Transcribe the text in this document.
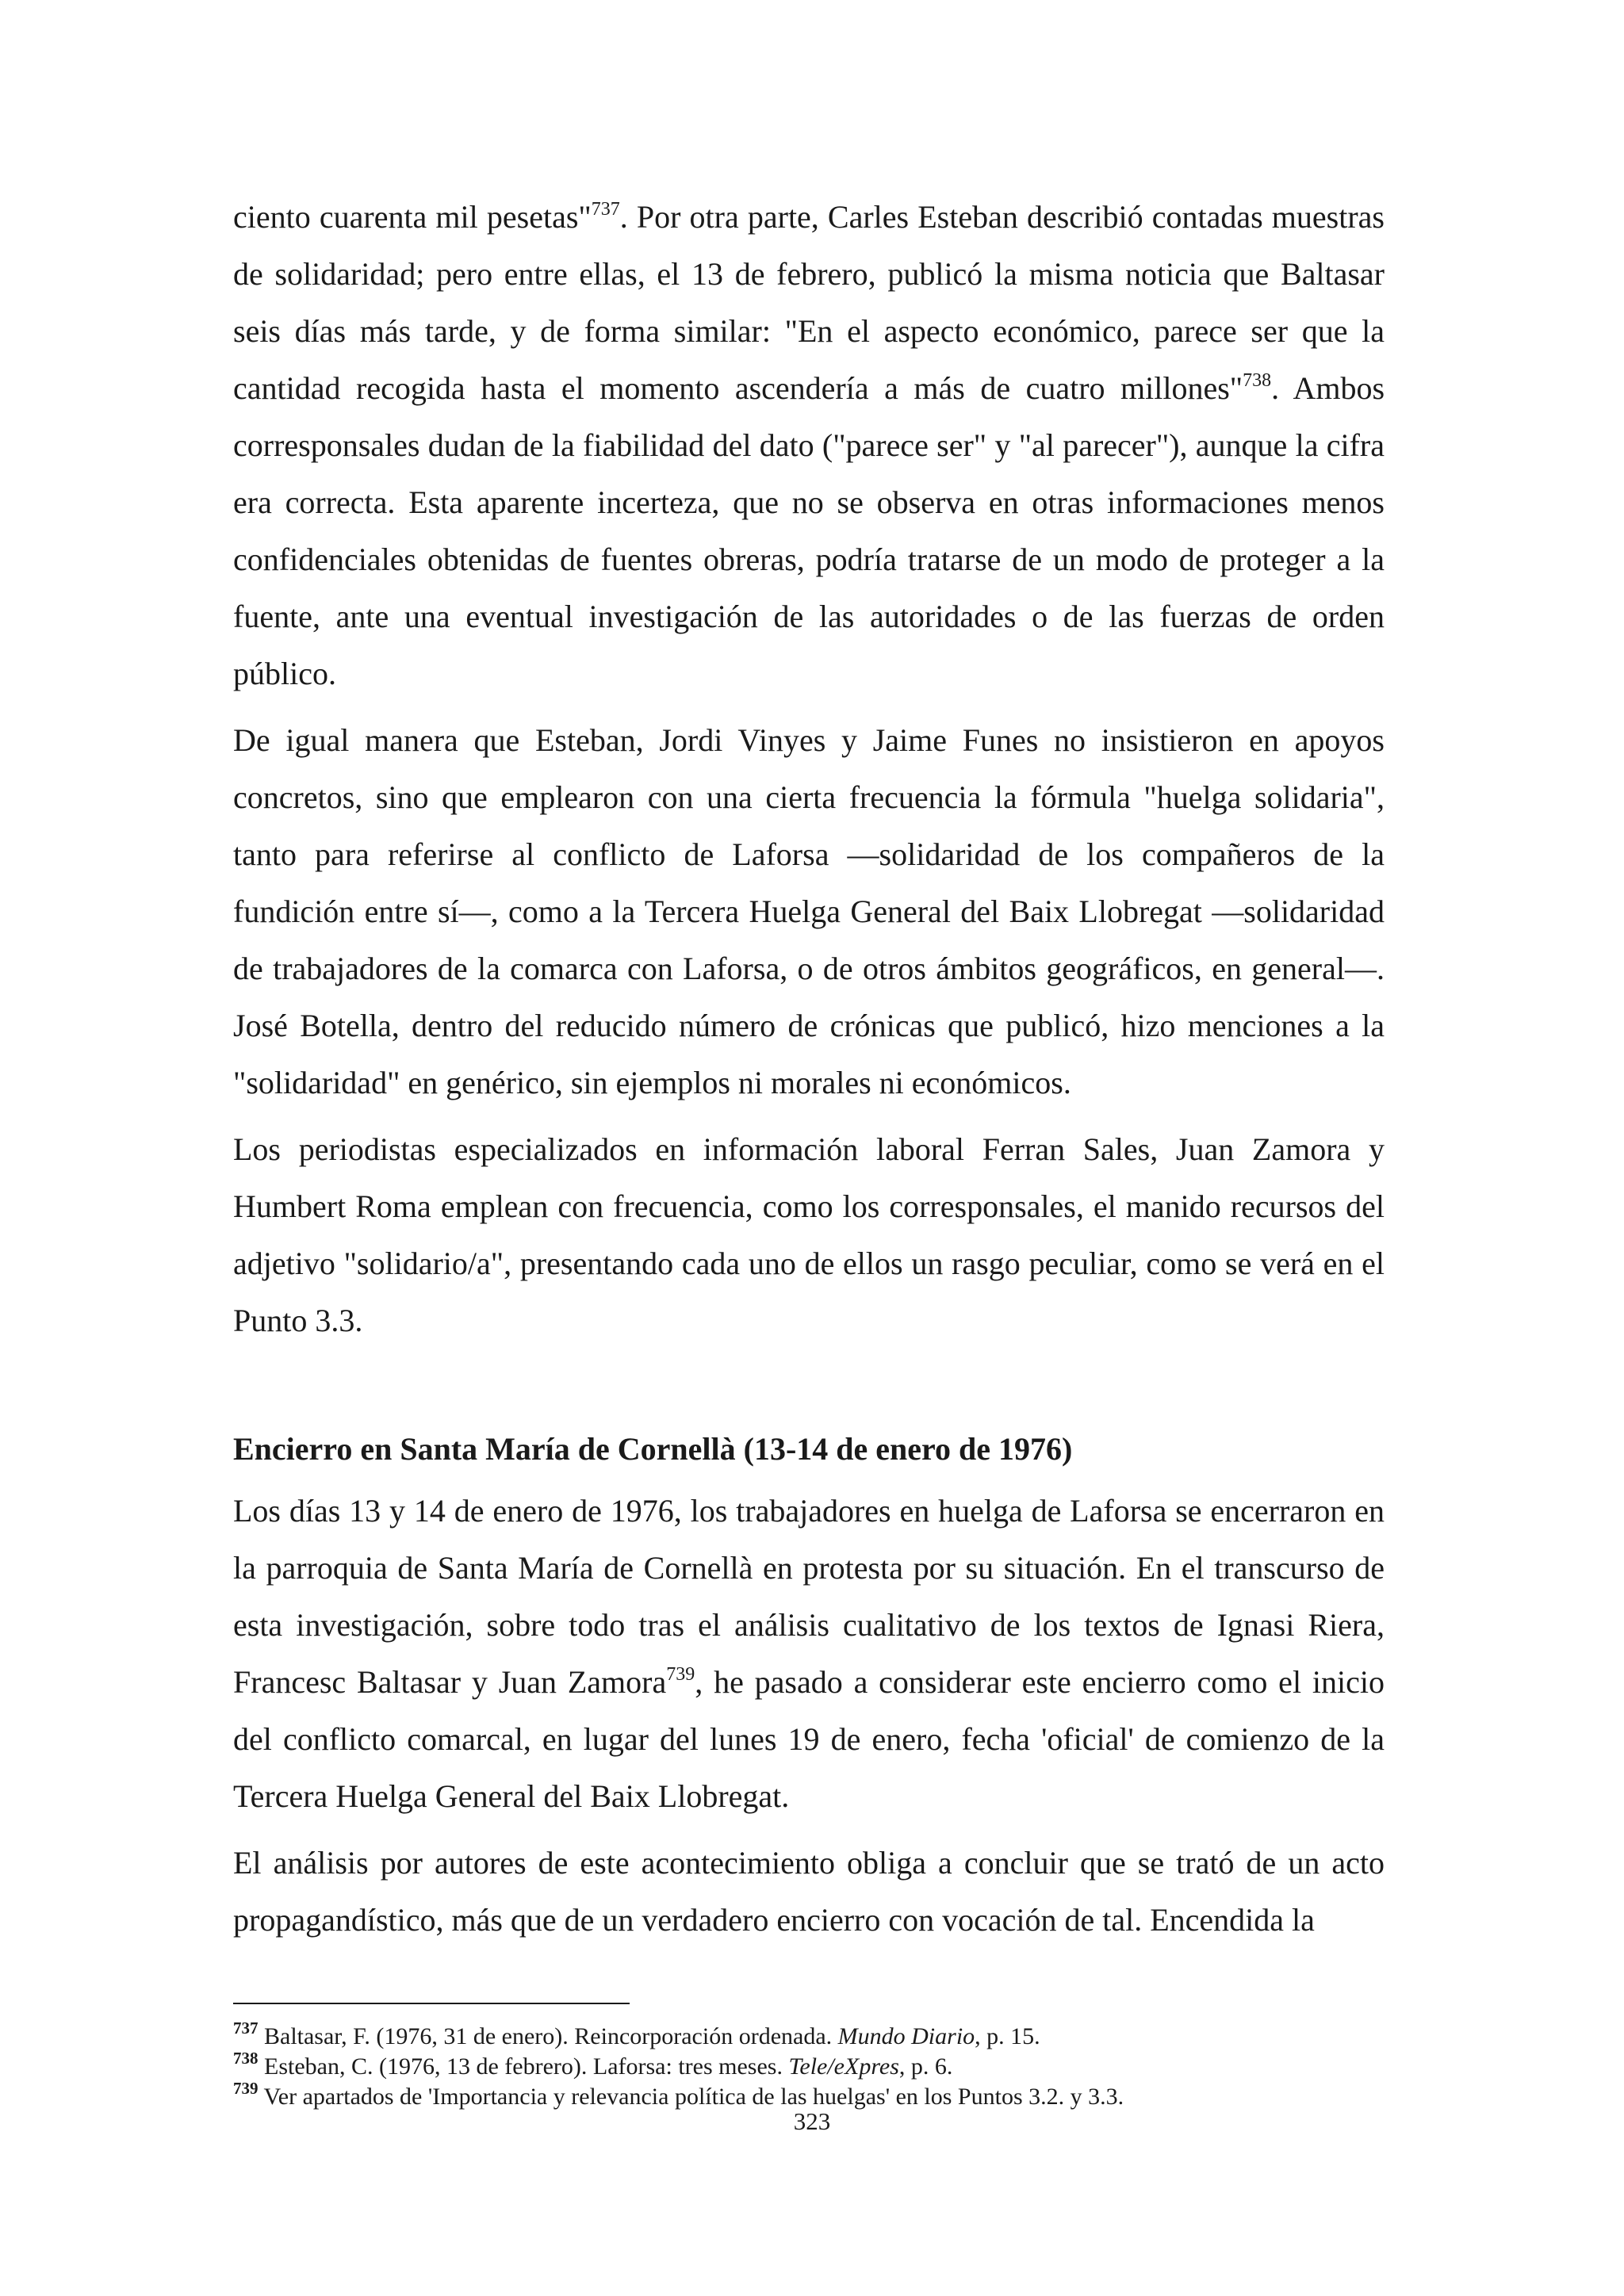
ciento cuarenta mil pesetas"$^{737}$. Por otra parte, Carles Esteban describió contadas muestras de solidaridad; pero entre ellas, el 13 de febrero, publicó la misma noticia que Baltasar seis días más tarde, y de forma similar: "En el aspecto económico, parece ser que la cantidad recogida hasta el momento ascendería a más de cuatro millones"$^{738}$. Ambos corresponsales dudan de la fiabilidad del dato ("parece ser" y "al parecer"), aunque la cifra era correcta. Esta aparente incerteza, que no se observa en otras informaciones menos confidenciales obtenidas de fuentes obreras, podría tratarse de un modo de proteger a la fuente, ante una eventual investigación de las autoridades o de las fuerzas de orden público.

De igual manera que Esteban, Jordi Vinyes y Jaime Funes no insistieron en apoyos concretos, sino que emplearon con una cierta frecuencia la fórmula "huelga solidaria", tanto para referirse al conflicto de Laforsa —solidaridad de los compañeros de la fundición entre sí—, como a la Tercera Huelga General del Baix Llobregat —solidaridad de trabajadores de la comarca con Laforsa, o de otros ámbitos geográficos, en general—. José Botella, dentro del reducido número de crónicas que publicó, hizo menciones a la "solidaridad" en genérico, sin ejemplos ni morales ni económicos.

Los periodistas especializados en información laboral Ferran Sales, Juan Zamora y Humbert Roma emplean con frecuencia, como los corresponsales, el manido recursos del adjetivo "solidario/a", presentando cada uno de ellos un rasgo peculiar, como se verá en el Punto 3.3.

Encierro en Santa María de Cornellà (13-14 de enero de 1976)

Los días 13 y 14 de enero de 1976, los trabajadores en huelga de Laforsa se encerraron en la parroquia de Santa María de Cornellà en protesta por su situación. En el transcurso de esta investigación, sobre todo tras el análisis cualitativo de los textos de Ignasi Riera, Francesc Baltasar y Juan Zamora$^{739}$, he pasado a considerar este encierro como el inicio del conflicto comarcal, en lugar del lunes 19 de enero, fecha 'oficial' de comienzo de la Tercera Huelga General del Baix Llobregat.

El análisis por autores de este acontecimiento obliga a concluir que se trató de un acto propagandístico, más que de un verdadero encierro con vocación de tal. Encendida la

$^{737}$ Baltasar, F. (1976, 31 de enero). Reincorporación ordenada. Mundo Diario, p. 15.

$^{738}$ Esteban, C. (1976, 13 de febrero). Laforsa: tres meses. Tele/eXpres, p. 6.

$^{739}$ Ver apartados de 'Importancia y relevancia política de las huelgas' en los Puntos 3.2. y 3.3.

323
